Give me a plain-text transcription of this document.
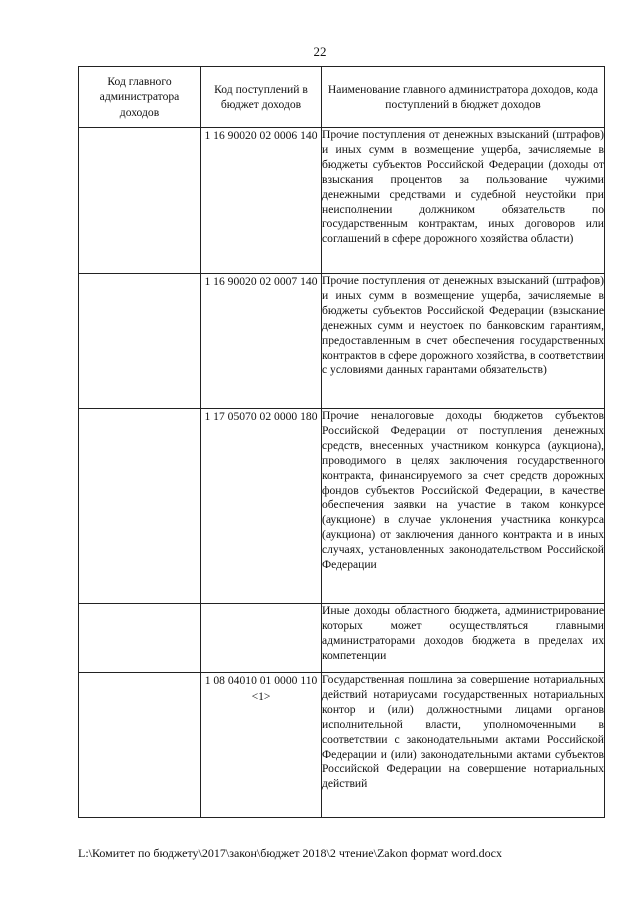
22
Код главного администратора доходов	Код поступлений в бюджет доходов	Наименование главного администратора доходов, кода поступлений в бюджет доходов
	1 16 90020 02 0006 140	Прочие поступления от денежных взысканий (штрафов) и иных сумм в возмещение ущерба, зачисляемые в бюджеты субъектов Российской Федерации (доходы от взыскания процентов за пользование чужими денежными средствами и судебной неустойки при неисполнении должником обязательств по государственным контрактам, иных договоров или соглашений в сфере дорожного хозяйства области)
	1 16 90020 02 0007 140	Прочие поступления от денежных взысканий (штрафов) и иных сумм в возмещение ущерба, зачисляемые в бюджеты субъектов Российской Федерации (взыскание денежных сумм и неустоек по банковским гарантиям, предоставленным в счет обеспечения государственных контрактов в сфере дорожного хозяйства, в соответствии с условиями данных гарантами обязательств)
	1 17 05070 02 0000 180	Прочие неналоговые доходы бюджетов субъектов Российской Федерации от поступления денежных средств, внесенных участником конкурса (аукциона), проводимого в целях заключения государственного контракта, финансируемого за счет средств дорожных фондов субъектов Российской Федерации, в качестве обеспечения заявки на участие в таком конкурсе (аукционе) в случае уклонения участника конкурса (аукциона) от заключения данного контракта и в иных случаях, установленных законодательством Российской Федерации
		Иные доходы областного бюджета, администрирование которых может осуществляться главными администраторами доходов бюджета в пределах их компетенции
	1 08 04010 01 0000 110 <1>	Государственная пошлина за совершение нотариальных действий нотариусами государственных нотариальных контор и (или) должностными лицами органов исполнительной власти, уполномоченными в соответствии с законодательными актами Российской Федерации и (или) законодательными актами субъектов Российской Федерации на совершение нотариальных действий
L:\Комитет по бюджету\2017\закон\бюджет 2018\2 чтение\Zakon формат word.docx
